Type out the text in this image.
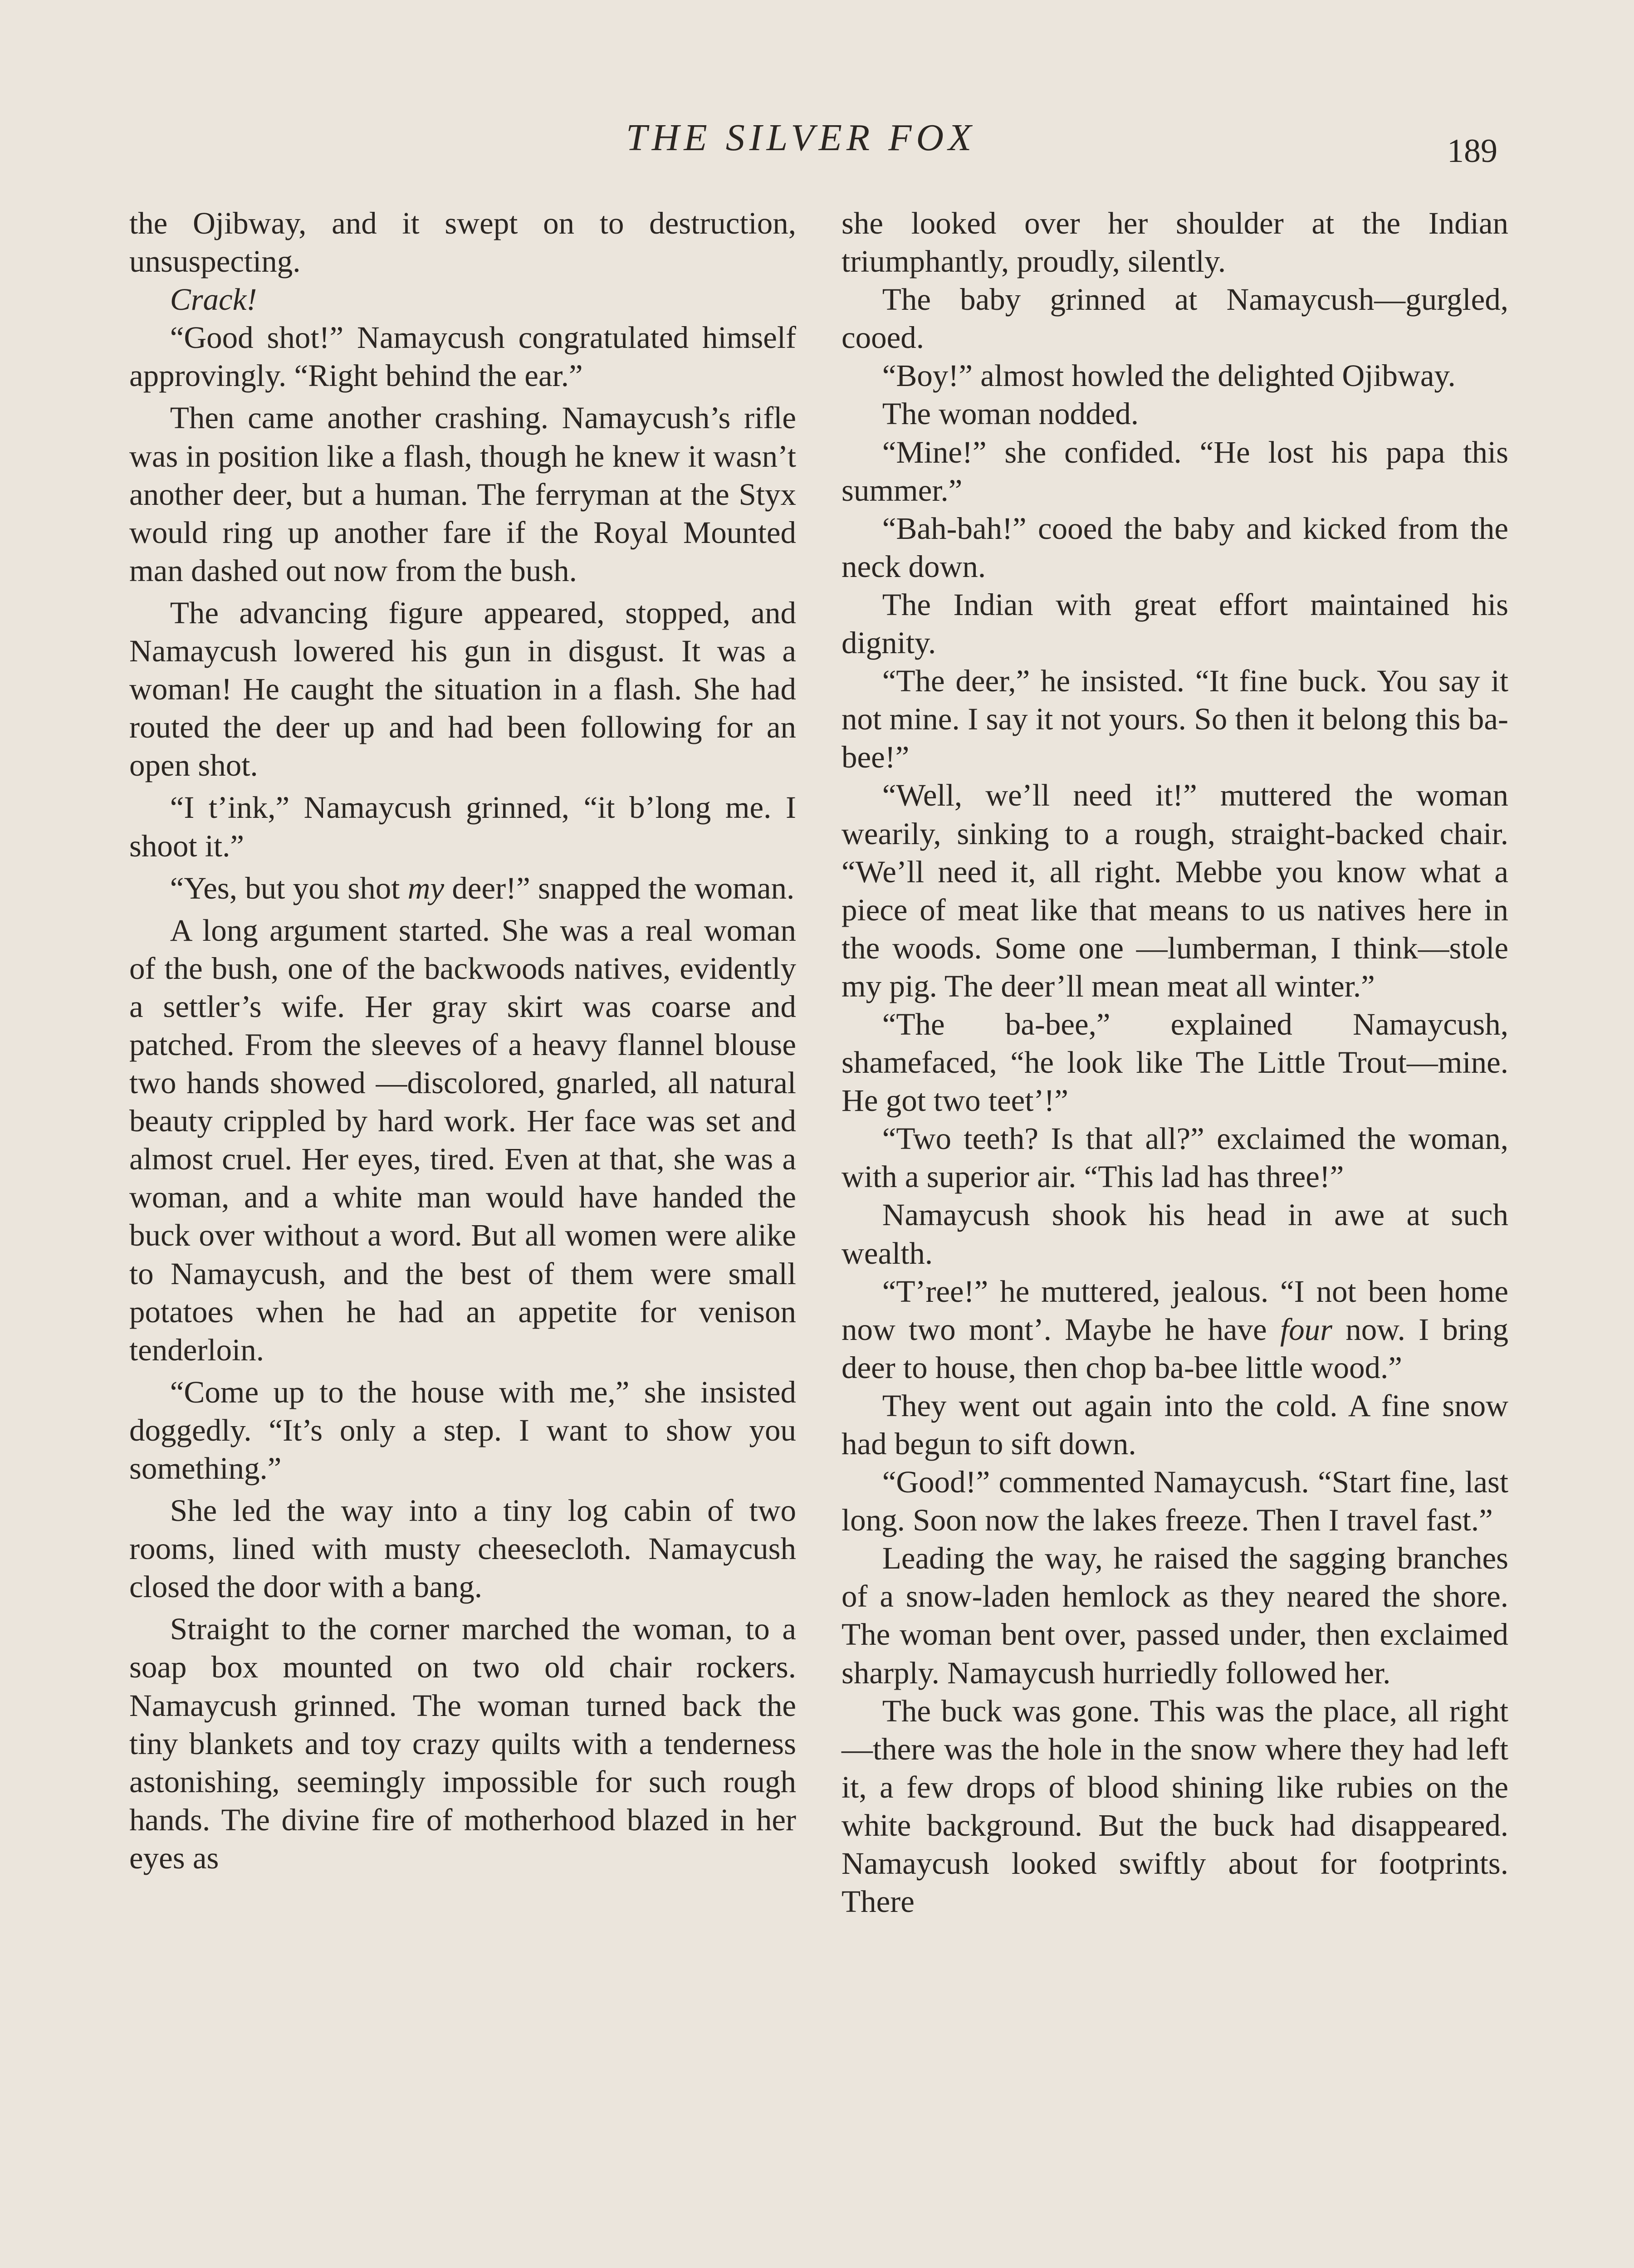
THE SILVER FOX	189

the Ojibway, and it swept on to destruction, unsuspecting.

Crack!

“Good shot!” Namaycush congratulated himself approvingly. “Right behind the ear.”

Then came another crashing. Namaycush’s rifle was in position like a flash, though he knew it wasn’t another deer, but a human. The ferryman at the Styx would ring up another fare if the Royal Mounted man dashed out now from the bush.

The advancing figure appeared, stopped, and Namaycush lowered his gun in disgust. It was a woman! He caught the situation in a flash. She had routed the deer up and had been following for an open shot.

“I t’ink,” Namaycush grinned, “it b’long me. I shoot it.”

“Yes, but you shot my deer!” snapped the woman.

A long argument started. She was a real woman of the bush, one of the backwoods natives, evidently a settler’s wife. Her gray skirt was coarse and patched. From the sleeves of a heavy flannel blouse two hands showed —discolored, gnarled, all natural beauty crippled by hard work. Her face was set and almost cruel. Her eyes, tired. Even at that, she was a woman, and a white man would have handed the buck over without a word. But all women were alike to Namaycush, and the best of them were small potatoes when he had an appetite for venison tenderloin.

“Come up to the house with me,” she insisted doggedly. “It’s only a step. I want to show you something.”

She led the way into a tiny log cabin of two rooms, lined with musty cheesecloth. Namaycush closed the door with a bang.

Straight to the corner marched the woman, to a soap box mounted on two old chair rockers. Namaycush grinned. The woman turned back the tiny blankets and toy crazy quilts with a tenderness astonishing, seemingly impossible for such rough hands. The divine fire of motherhood blazed in her eyes as

she looked over her shoulder at the Indian triumphantly, proudly, silently.

The baby grinned at Namaycush—gurgled, cooed.

“Boy!” almost howled the delighted Ojibway.

The woman nodded.

“Mine!” she confided. “He lost his papa this summer.”

“Bah-bah!” cooed the baby and kicked from the neck down.

The Indian with great effort maintained his dignity.

“The deer,” he insisted. “It fine buck. You say it not mine. I say it not yours. So then it belong this ba-bee!”

“Well, we’ll need it!” muttered the woman wearily, sinking to a rough, straight-backed chair. “We’ll need it, all right. Mebbe you know what a piece of meat like that means to us natives here in the woods. Some one —lumberman, I think—stole my pig. The deer’ll mean meat all winter.”

“The ba-bee,” explained Namaycush, shamefaced, “he look like The Little Trout—mine. He got two teet’!”

“Two teeth? Is that all?” exclaimed the woman, with a superior air. “This lad has three!”

Namaycush shook his head in awe at such wealth.

“T’ree!” he muttered, jealous. “I not been home now two mont’. Maybe he have four now. I bring deer to house, then chop ba-bee little wood.”

They went out again into the cold. A fine snow had begun to sift down.

“Good!” commented Namaycush. “Start fine, last long. Soon now the lakes freeze. Then I travel fast.”

Leading the way, he raised the sagging branches of a snow-laden hemlock as they neared the shore. The woman bent over, passed under, then exclaimed sharply. Namaycush hurriedly followed her.

The buck was gone. This was the place, all right—there was the hole in the snow where they had left it, a few drops of blood shining like rubies on the white background. But the buck had disappeared. Namaycush looked swiftly about for footprints. There
